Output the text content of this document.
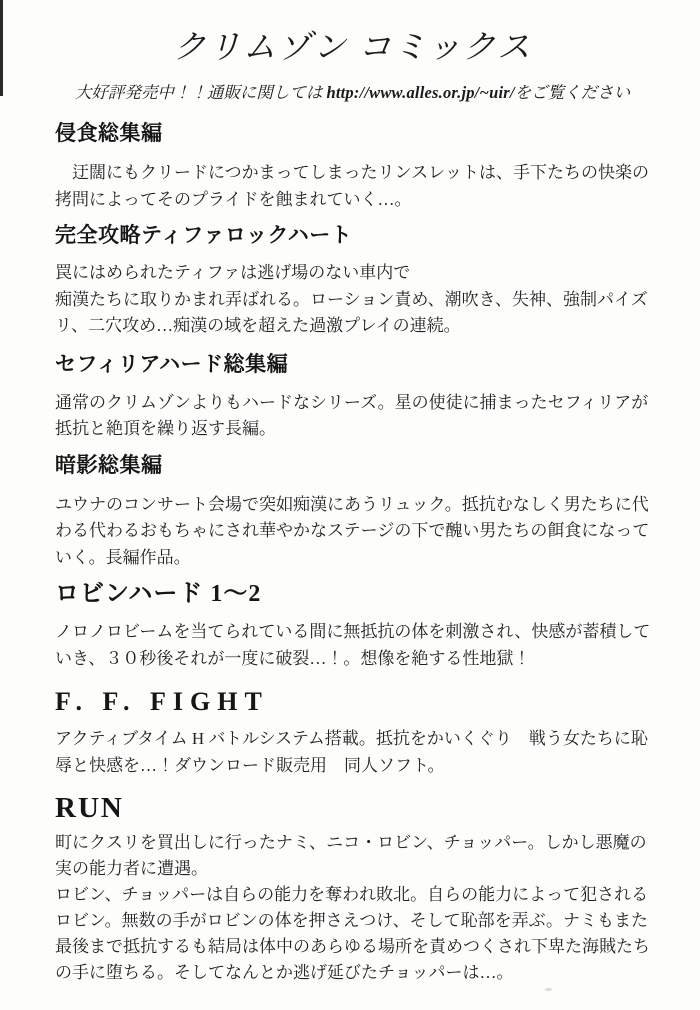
クリムゾン コミックス
大好評発売中！！通販に関しては http://www.alles.or.jp/~uir/をご覧ください
侵食総集編
　迂闊にもクリードにつかまってしまったリンスレットは、手下たちの快楽の
拷問によってそのプライドを蝕まれていく…。
完全攻略ティファロックハート
罠にはめられたティファは逃げ場のない車内で
痴漢たちに取りかまれ弄ばれる。ローション責め、潮吹き、失神、強制パイズ
リ、二穴攻め…痴漢の域を超えた過激プレイの連続。
セフィリアハード総集編
通常のクリムゾンよりもハードなシリーズ。星の使徒に捕まったセフィリアが
抵抗と絶頂を繰り返す長編。
暗影総集編
ユウナのコンサート会場で突如痴漢にあうリュック。抵抗むなしく男たちに代
わる代わるおもちゃにされ華やかなステージの下で醜い男たちの餌食になって
いく。長編作品。
ロビンハード 1～2
ノロノロビームを当てられている間に無抵抗の体を刺激され、快感が蓄積して
いき、３０秒後それが一度に破裂…！。想像を絶する性地獄！
F. F. FIGHT
アクティブタイム H バトルシステム搭載。抵抗をかいくぐり　戦う女たちに恥
辱と快感を…！ダウンロード販売用　同人ソフト。
RUN
町にクスリを買出しに行ったナミ、ニコ・ロビン、チョッパー。しかし悪魔の
実の能力者に遭遇。
ロビン、チョッパーは自らの能力を奪われ敗北。自らの能力によって犯される
ロビン。無数の手がロビンの体を押さえつけ、そして恥部を弄ぶ。ナミもまた
最後まで抵抗するも結局は体中のあらゆる場所を責めつくされ下卑た海賊たち
の手に堕ちる。そしてなんとか逃げ延びたチョッパーは…。
